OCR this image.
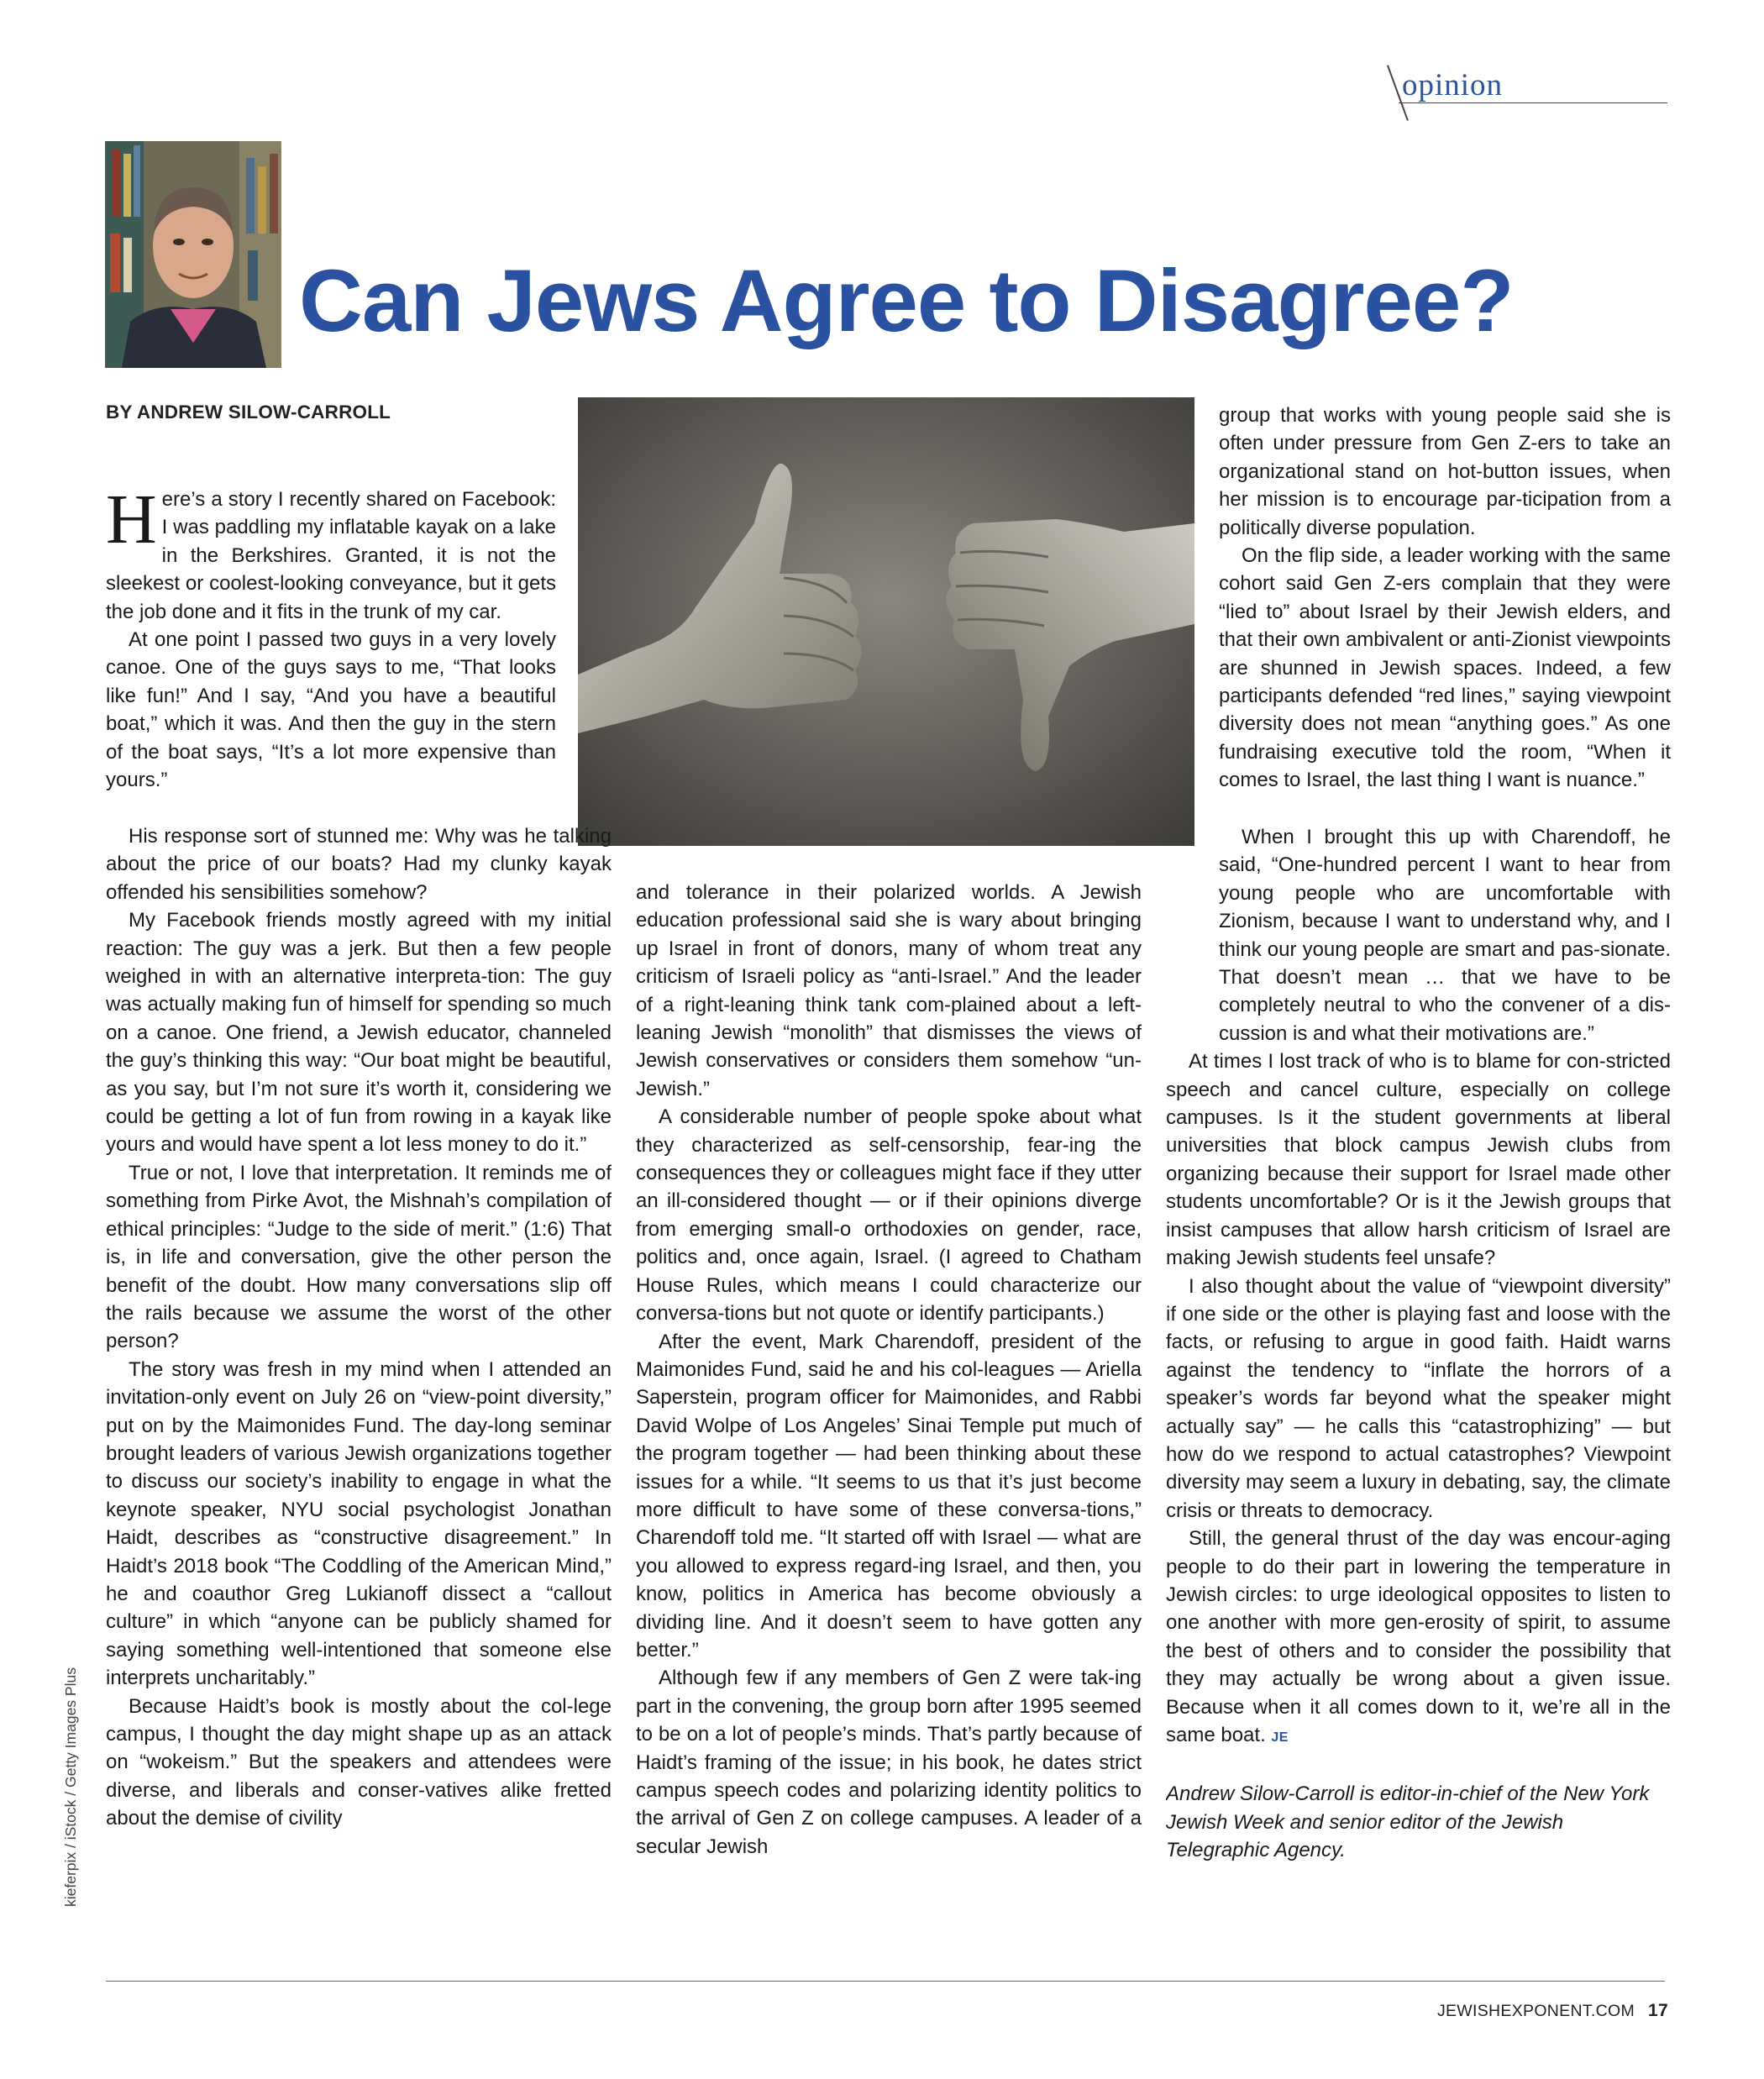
opinion
Can Jews Agree to Disagree?
BY ANDREW SILOW-CARROLL

Here’s a story I recently shared on Facebook: I was paddling my inflatable kayak on a lake in the Berkshires. Granted, it is not the sleekest or coolest-looking conveyance, but it gets the job done and it fits in the trunk of my car.

At one point I passed two guys in a very lovely canoe. One of the guys says to me, “That looks like fun!” And I say, “And you have a beautiful boat,” which it was. And then the guy in the stern of the boat says, “It’s a lot more expensive than yours.”

His response sort of stunned me: Why was he talking about the price of our boats? Had my clunky kayak offended his sensibilities somehow?

My Facebook friends mostly agreed with my initial reaction: The guy was a jerk. But then a few people weighed in with an alternative interpreta-tion: The guy was actually making fun of himself for spending so much on a canoe. One friend, a Jewish educator, channeled the guy’s thinking this way: “Our boat might be beautiful, as you say, but I’m not sure it’s worth it, considering we could be getting a lot of fun from rowing in a kayak like yours and would have spent a lot less money to do it.”

True or not, I love that interpretation. It reminds me of something from Pirke Avot, the Mishnah’s compilation of ethical principles: “Judge to the side of merit.” (1:6) That is, in life and conversation, give the other person the benefit of the doubt. How many conversations slip off the rails because we assume the worst of the other person?

The story was fresh in my mind when I attended an invitation-only event on July 26 on “view-point diversity,” put on by the Maimonides Fund. The day-long seminar brought leaders of various Jewish organizations together to discuss our society’s inability to engage in what the keynote speaker, NYU social psychologist Jonathan Haidt, describes as “constructive disagreement.” In Haidt’s 2018 book “The Coddling of the American Mind,” he and coauthor Greg Lukianoff dissect a “callout culture” in which “anyone can be publicly shamed for saying something well-intentioned that someone else interprets uncharitably.”

Because Haidt’s book is mostly about the col-lege campus, I thought the day might shape up as an attack on “wokeism.” But the speakers and attendees were diverse, and liberals and conser-vatives alike fretted about the demise of civility

and tolerance in their polarized worlds. A Jewish education professional said she is wary about bringing up Israel in front of donors, many of whom treat any criticism of Israeli policy as “anti-Israel.” And the leader of a right-leaning think tank com-plained about a left-leaning Jewish “monolith” that dismisses the views of Jewish conservatives or considers them somehow “un-Jewish.”

A considerable number of people spoke about what they characterized as self-censorship, fear-ing the consequences they or colleagues might face if they utter an ill-considered thought — or if their opinions diverge from emerging small-o orthodoxies on gender, race, politics and, once again, Israel. (I agreed to Chatham House Rules, which means I could characterize our conversa-tions but not quote or identify participants.)

After the event, Mark Charendoff, president of the Maimonides Fund, said he and his col-leagues — Ariella Saperstein, program officer for Maimonides, and Rabbi David Wolpe of Los Angeles’ Sinai Temple put much of the program together — had been thinking about these issues for a while. “It seems to us that it’s just become more difficult to have some of these conversa-tions,” Charendoff told me. “It started off with Israel — what are you allowed to express regard-ing Israel, and then, you know, politics in America has become obviously a dividing line. And it doesn’t seem to have gotten any better.”

Although few if any members of Gen Z were tak-ing part in the convening, the group born after 1995 seemed to be on a lot of people’s minds. That’s partly because of Haidt’s framing of the issue; in his book, he dates strict campus speech codes and polarizing identity politics to the arrival of Gen Z on college campuses. A leader of a secular Jewish

group that works with young people said she is often under pressure from Gen Z-ers to take an organizational stand on hot-button issues, when her mission is to encourage par-ticipation from a politically diverse population.

On the flip side, a leader working with the same cohort said Gen Z-ers complain that they were “lied to” about Israel by their Jewish elders, and that their own ambivalent or anti-Zionist viewpoints are shunned in Jewish spaces. Indeed, a few participants defended “red lines,” saying viewpoint diversity does not mean “anything goes.” As one fundraising executive told the room, “When it comes to Israel, the last thing I want is nuance.”

When I brought this up with Charendoff, he said, “One-hundred percent I want to hear from young people who are uncomfortable with Zionism, because I want to understand why, and I think our young people are smart and pas-sionate. That doesn’t mean … that we have to be completely neutral to who the convener of a dis-cussion is and what their motivations are.”

At times I lost track of who is to blame for con-stricted speech and cancel culture, especially on college campuses. Is it the student governments at liberal universities that block campus Jewish clubs from organizing because their support for Israel made other students uncomfortable? Or is it the Jewish groups that insist campuses that allow harsh criticism of Israel are making Jewish students feel unsafe?

I also thought about the value of “viewpoint diversity” if one side or the other is playing fast and loose with the facts, or refusing to argue in good faith. Haidt warns against the tendency to “inflate the horrors of a speaker’s words far beyond what the speaker might actually say” — he calls this “catastrophizing” — but how do we respond to actual catastrophes? Viewpoint diversity may seem a luxury in debating, say, the climate crisis or threats to democracy.

Still, the general thrust of the day was encour-aging people to do their part in lowering the temperature in Jewish circles: to urge ideological opposites to listen to one another with more gen-erosity of spirit, to assume the best of others and to consider the possibility that they may actually be wrong about a given issue. Because when it all comes down to it, we’re all in the same boat. JE

Andrew Silow-Carroll is editor-in-chief of the New York Jewish Week and senior editor of the Jewish Telegraphic Agency.

kieferpix / iStock / Getty Images Plus
JEWISHEXPONENT.COM 17
